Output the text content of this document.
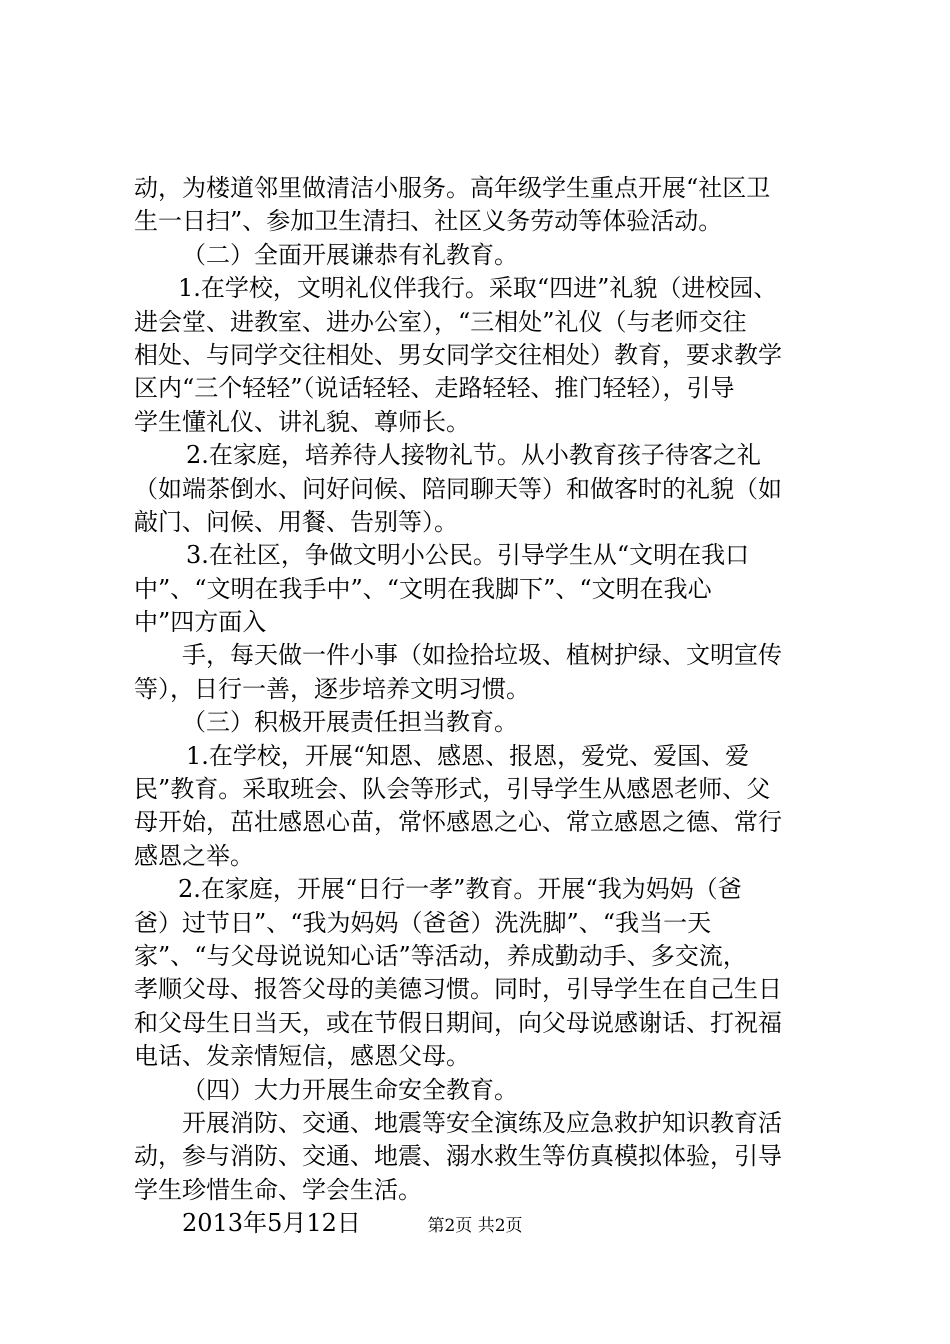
动，为楼道邻里做清洁小服务。高年级学生重点开展“社区卫
生一日扫”、参加卫生清扫、社区义务劳动等体验活动。
（二）全面开展谦恭有礼教育。
1.在学校，文明礼仪伴我行。采取“四进”礼貌（进校园、
进会堂、进教室、进办公室），“三相处”礼仪（与老师交往
相处、与同学交往相处、男女同学交往相处）教育，要求教学
区内“三个轻轻”（说话轻轻、走路轻轻、推门轻轻），引导
学生懂礼仪、讲礼貌、尊师长。
2.在家庭，培养待人接物礼节。从小教育孩子待客之礼
（如端茶倒水、问好问候、陪同聊天等）和做客时的礼貌（如
敲门、问候、用餐、告别等）。
3.在社区，争做文明小公民。引导学生从“文明在我口
中”、“文明在我手中”、“文明在我脚下”、“文明在我心
中”四方面入
手，每天做一件小事（如捡拾垃圾、植树护绿、文明宣传
等），日行一善，逐步培养文明习惯。
（三）积极开展责任担当教育。
1.在学校，开展“知恩、感恩、报恩，爱党、爱国、爱
民”教育。采取班会、队会等形式，引导学生从感恩老师、父
母开始，茁壮感恩心苗，常怀感恩之心、常立感恩之德、常行
感恩之举。
2.在家庭，开展“日行一孝”教育。开展“我为妈妈（爸
爸）过节日”、“我为妈妈（爸爸）洗洗脚”、“我当一天
家”、“与父母说说知心话”等活动，养成勤动手、多交流，
孝顺父母、报答父母的美德习惯。同时，引导学生在自己生日
和父母生日当天，或在节假日期间，向父母说感谢话、打祝福
电话、发亲情短信，感恩父母。
（四）大力开展生命安全教育。
开展消防、交通、地震等安全演练及应急救护知识教育活
动，参与消防、交通、地震、溺水救生等仿真模拟体验，引导
学生珍惜生命、学会生活。
2013年5月12日	第2页 共2页
